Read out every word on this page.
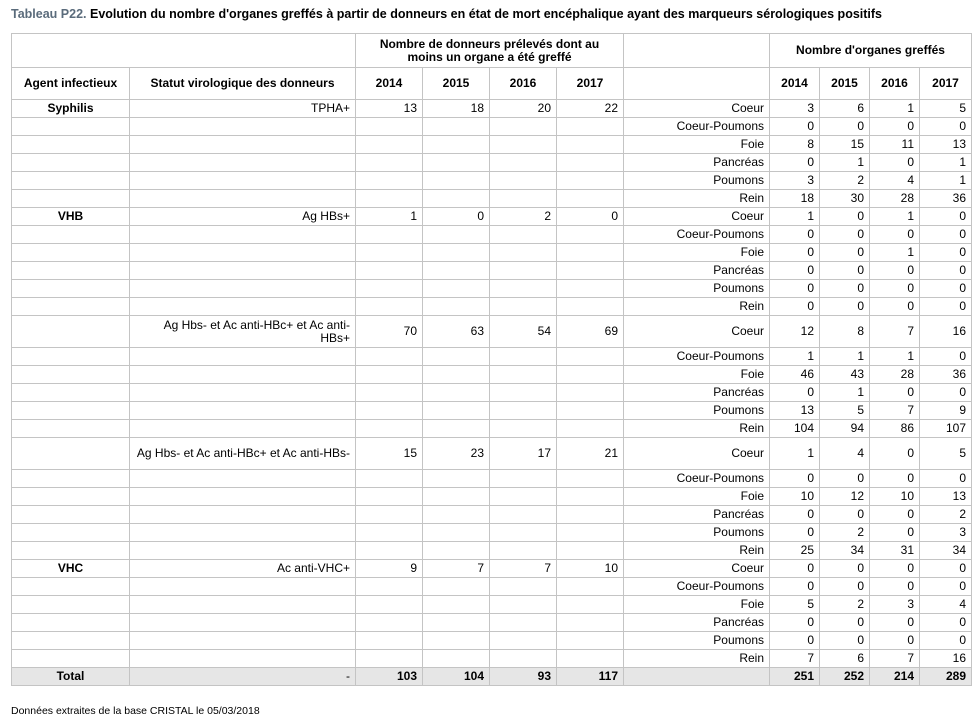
Tableau P22. Evolution du nombre d'organes greffés à partir de donneurs en état de mort encéphalique ayant des marqueurs sérologiques positifs
		Nombre de donneurs prélevés dont au moins un organe a été greffé					Nombre d'organes greffés			
Agent infectieux	Statut virologique des donneurs	2014	2015	2016	2017		2014	2015	2016	2017
Syphilis	TPHA+	13	18	20	22	Coeur	3	6	1	5
						Coeur-Poumons	0	0	0	0
						Foie	8	15	11	13
						Pancréas	0	1	0	1
						Poumons	3	2	4	1
						Rein	18	30	28	36
VHB	Ag HBs+	1	0	2	0	Coeur	1	0	1	0
						Coeur-Poumons	0	0	0	0
						Foie	0	0	1	0
						Pancréas	0	0	0	0
						Poumons	0	0	0	0
						Rein	0	0	0	0
	Ag Hbs- et Ac anti-HBc+ et Ac anti-HBs+	70	63	54	69	Coeur	12	8	7	16
						Coeur-Poumons	1	1	1	0
						Foie	46	43	28	36
						Pancréas	0	1	0	0
						Poumons	13	5	7	9
						Rein	104	94	86	107
	Ag Hbs- et Ac anti-HBc+ et Ac anti-HBs-	15	23	17	21	Coeur	1	4	0	5
						Coeur-Poumons	0	0	0	0
						Foie	10	12	10	13
						Pancréas	0	0	0	2
						Poumons	0	2	0	3
						Rein	25	34	31	34
VHC	Ac anti-VHC+	9	7	7	10	Coeur	0	0	0	0
						Coeur-Poumons	0	0	0	0
						Foie	5	2	3	4
						Pancréas	0	0	0	0
						Poumons	0	0	0	0
						Rein	7	6	7	16
Total	-	103	104	93	117		251	252	214	289
Données extraites de la base CRISTAL le 05/03/2018
